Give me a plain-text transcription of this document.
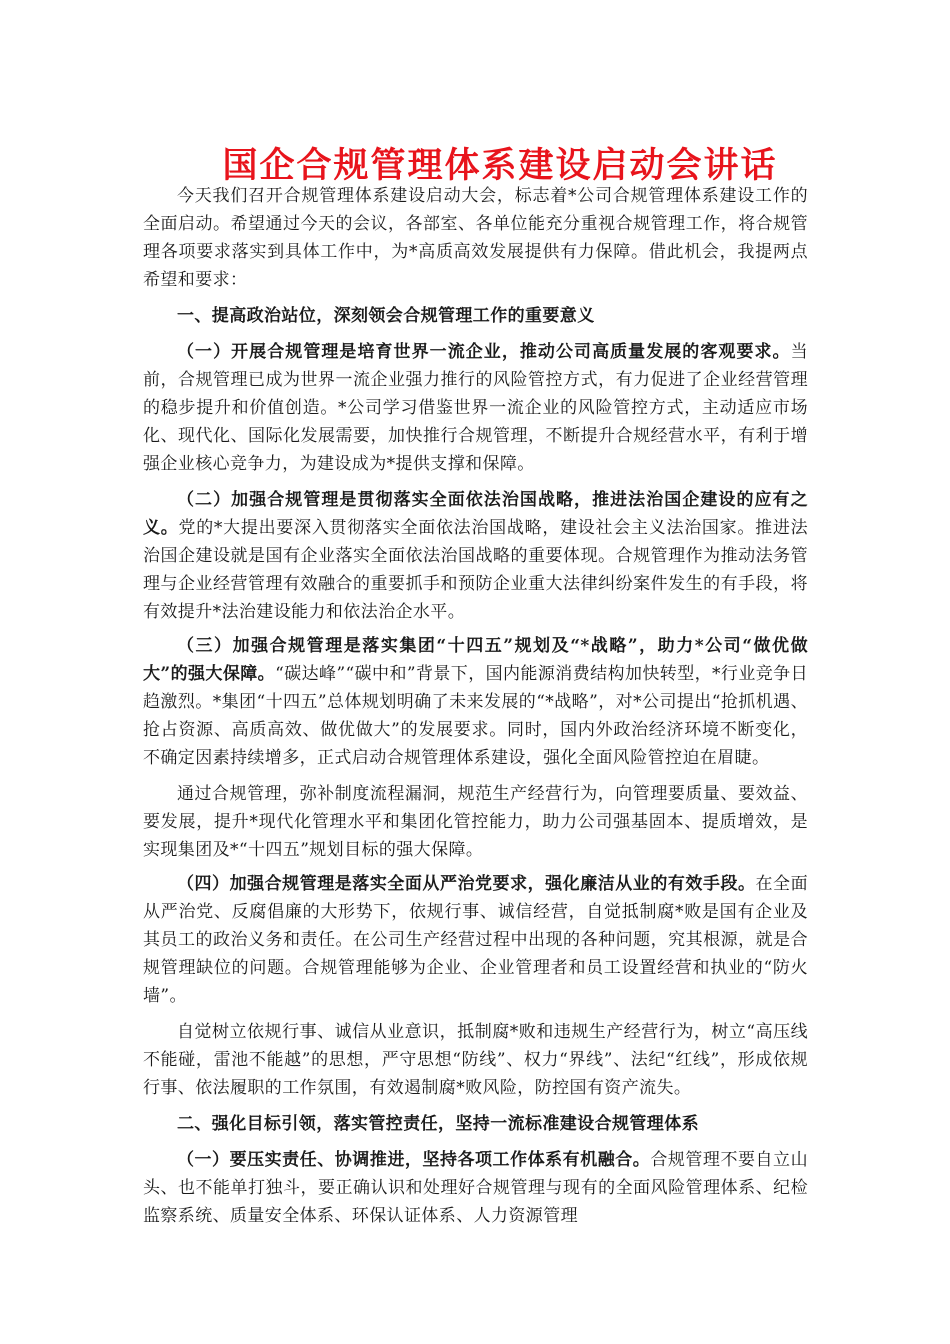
国企合规管理体系建设启动会讲话

今天我们召开合规管理体系建设启动大会，标志着*公司合规管理体系建设工作的全面启动。希望通过今天的会议，各部室、各单位能充分重视合规管理工作，将合规管理各项要求落实到具体工作中，为*高质高效发展提供有力保障。借此机会，我提两点希望和要求：

一、提高政治站位，深刻领会合规管理工作的重要意义

（一）开展合规管理是培育世界一流企业，推动公司高质量发展的客观要求。当前，合规管理已成为世界一流企业强力推行的风险管控方式，有力促进了企业经营管理的稳步提升和价值创造。*公司学习借鉴世界一流企业的风险管控方式，主动适应市场化、现代化、国际化发展需要，加快推行合规管理，不断提升合规经营水平，有利于增强企业核心竞争力，为建设成为*提供支撑和保障。

（二）加强合规管理是贯彻落实全面依法治国战略，推进法治国企建设的应有之义。党的*大提出要深入贯彻落实全面依法治国战略，建设社会主义法治国家。推进法治国企建设就是国有企业落实全面依法治国战略的重要体现。合规管理作为推动法务管理与企业经营管理有效融合的重要抓手和预防企业重大法律纠纷案件发生的有手段，将有效提升*法治建设能力和依法治企水平。

（三）加强合规管理是落实集团“十四五”规划及“*战略”，助力*公司“做优做大”的强大保障。“碳达峰”“碳中和”背景下，国内能源消费结构加快转型，*行业竞争日趋激烈。*集团“十四五”总体规划明确了未来发展的“*战略”，对*公司提出“抢抓机遇、抢占资源、高质高效、做优做大”的发展要求。同时，国内外政治经济环境不断变化，不确定因素持续增多，正式启动合规管理体系建设，强化全面风险管控迫在眉睫。

通过合规管理，弥补制度流程漏洞，规范生产经营行为，向管理要质量、要效益、要发展，提升*现代化管理水平和集团化管控能力，助力公司强基固本、提质增效，是实现集团及*“十四五”规划目标的强大保障。

（四）加强合规管理是落实全面从严治党要求，强化廉洁从业的有效手段。在全面从严治党、反腐倡廉的大形势下，依规行事、诚信经营，自觉抵制腐*败是国有企业及其员工的政治义务和责任。在公司生产经营过程中出现的各种问题，究其根源，就是合规管理缺位的问题。合规管理能够为企业、企业管理者和员工设置经营和执业的“防火墙”。

自觉树立依规行事、诚信从业意识，抵制腐*败和违规生产经营行为，树立“高压线不能碰，雷池不能越”的思想，严守思想“防线”、权力“界线”、法纪“红线”，形成依规行事、依法履职的工作氛围，有效遏制腐*败风险，防控国有资产流失。

二、强化目标引领，落实管控责任，坚持一流标准建设合规管理体系

（一）要压实责任、协调推进，坚持各项工作体系有机融合。合规管理不要自立山头、也不能单打独斗，要正确认识和处理好合规管理与现有的全面风险管理体系、纪检监察系统、质量安全体系、环保认证体系、人力资源管理
